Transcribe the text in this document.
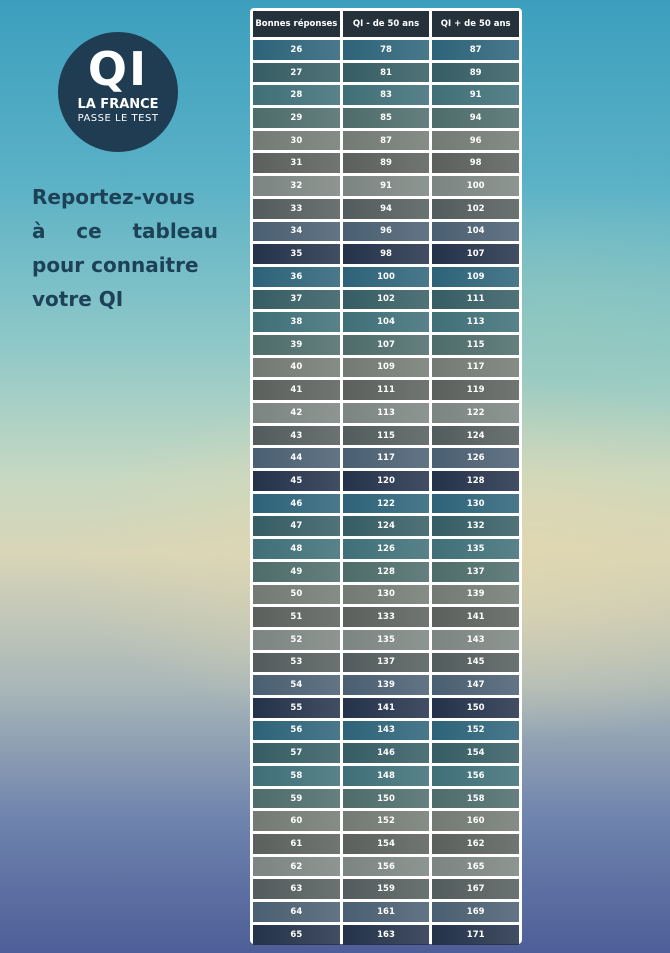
QI
LA FRANCE
PASSE LE TEST
Reportez-vous
à ce tableau
pour connaitre
votre QI
Bonnes réponses	QI - de 50 ans	QI + de 50 ans
26	78	87
27	81	89
28	83	91
29	85	94
30	87	96
31	89	98
32	91	100
33	94	102
34	96	104
35	98	107
36	100	109
37	102	111
38	104	113
39	107	115
40	109	117
41	111	119
42	113	122
43	115	124
44	117	126
45	120	128
46	122	130
47	124	132
48	126	135
49	128	137
50	130	139
51	133	141
52	135	143
53	137	145
54	139	147
55	141	150
56	143	152
57	146	154
58	148	156
59	150	158
60	152	160
61	154	162
62	156	165
63	159	167
64	161	169
65	163	171
